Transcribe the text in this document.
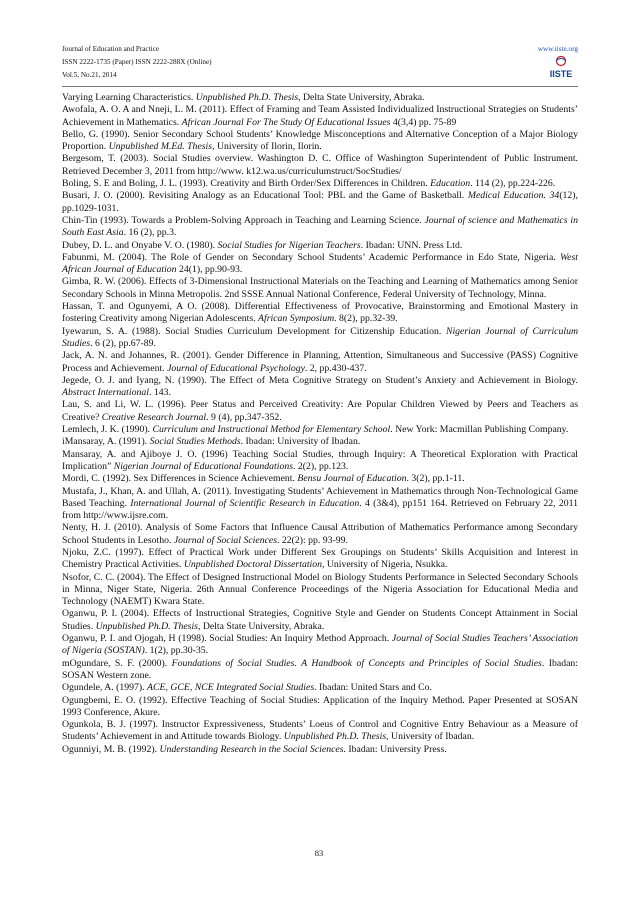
Journal of Education and Practice	www.iiste.org
ISSN 2222-1735 (Paper) ISSN 2222-288X (Online)
Vol.5, No.21, 2014	IISTE

Varying Learning Characteristics. Unpublished Ph.D. Thesis, Delta State University, Abraka.

Awofala, A. O. A and Nneji, L. M. (2011). Effect of Framing and Team Assisted Individualized Instructional Strategies on Students’ Achievement in Mathematics. African Journal For The Study Of Educational Issues 4(3,4) pp. 75-89

Bello, G. (1990). Senior Secondary School Students’ Knowledge Misconceptions and Alternative Conception of a Major Biology Proportion. Unpublished M.Ed. Thesis, University of Ilorin, Ilorin.

Bergesom, T. (2003). Social Studies overview. Washington D. C. Office of Washington Superintendent of Public Instrument. Retrieved December 3, 2011 from http://www. k12.wa.us/curriculumstruct/SocStudies/

Boling, S. E and Boling, J. L. (1993). Creativity and Birth Order/Sex Differences in Children. Education. 114 (2), pp.224-226.

Busari, J. O. (2000). Revisiting Analogy as an Educational Tool: PBL and the Game of Basketball. Medical Education. 34(12), pp.1029-1031.

Chin-Tin (1993). Towards a Problem-Solving Approach in Teaching and Learning Science. Journal of science and Mathematics in South East Asia. 16 (2), pp.3.

Dubey, D. L. and Onyabe V. O. (1980). Social Studies for Nigerian Teachers. Ibadan: UNN. Press Ltd.

Fabunmi, M. (2004). The Role of Gender on Secondary School Students’ Academic Performance in Edo State, Nigeria. West African Journal of Education 24(1), pp.90-93.

Gimba, R. W. (2006). Effects of 3-Dimensional Instructional Materials on the Teaching and Learning of Mathematics among Senior Secondary Schools in Minna Metropolis. 2nd SSSE Annual National Conference, Federal University of Technology, Minna.

Hassan, T. and Ogunyemi, A O. (2008). Differential Effectiveness of Provocative, Brainstorming and Emotional Mastery in fostering Creativity among Nigerian Adolescents. African Symposium. 8(2), pp.32-39.

Iyewarun, S. A. (1988). Social Studies Curriculum Development for Citizenship Education. Nigerian Journal of Curriculum Studies. 6 (2), pp.67-89.

Jack, A. N. and Johannes, R. (2001). Gender Difference in Planning, Attention, Simultaneous and Successive (PASS) Cognitive Process and Achievement. Journal of Educational Psychology. 2, pp.430-437.

Jegede, O. J. and Iyang, N. (1990). The Effect of Meta Cognitive Strategy on Student’s Anxiety and Achievement in Biology. Abstract International. 143.

Lau, S. and Li, W. L. (1996). Peer Status and Perceived Creativity: Are Popular Children Viewed by Peers and Teachers as Creative? Creative Research Journal. 9 (4), pp.347-352.

Lemlech, J. K. (1990). Curriculum and Instructional Method for Elementary School. New York: Macmillan Publishing Company.

iMansaray, A. (1991). Social Studies Methods. Ibadan: University of Ibadan.

Mansaray, A. and Ajiboye J. O. (1996) Teaching Social Studies, through Inquiry: A Theoretical Exploration with Practical Implication” Nigerian Journal of Educational Foundations. 2(2), pp.123.

Mordi, C. (1992). Sex Differences in Science Achievement. Bensu Journal of Education. 3(2), pp.1-11.

Mustafa, J., Khan, A. and Ullah, A. (2011). Investigating Students’ Achievement in Mathematics through Non-Technological Game Based Teaching. International Journal of Scientific Research in Education. 4 (3&4), pp151 164. Retrieved on February 22, 2011 from http://www.ijsre.com.

Nenty, H. J. (2010). Analysis of Some Factors that Influence Causal Attribution of Mathematics Performance among Secondary School Students in Lesotho. Journal of Social Sciences. 22(2): pp. 93-99.

Njoku, Z.C. (1997). Effect of Practical Work under Different Sex Groupings on Students’ Skills Acquisition and Interest in Chemistry Practical Activities. Unpublished Doctoral Dissertation, University of Nigeria, Nsukka.

Nsofor, C. C. (2004). The Effect of Designed Instructional Model on Biology Students Performance in Selected Secondary Schools in Minna, Niger State, Nigeria. 26th Annual Conference Proceedings of the Nigeria Association for Educational Media and Technology (NAEMT) Kwara State.

Oganwu, P. I. (2004). Effects of Instructional Strategies, Cognitive Style and Gender on Students Concept Attainment in Social Studies. Unpublished Ph.D. Thesis, Delta State University, Abraka.

Oganwu, P. I. and Ojogah, H (1998). Social Studies: An Inquiry Method Approach. Journal of Social Studies Teachers’ Association of Nigeria (SOSTAN). 1(2), pp.30-35.

mOgundare, S. F. (2000). Foundations of Social Studies. A Handbook of Concepts and Principles of Social Studies. Ibadan: SOSAN Western zone.

Ogundele, A. (1997). ACE, GCE, NCE Integrated Social Studies. Ibadan: United Stars and Co.

Ogungbemi, E. O. (1992). Effective Teaching of Social Studies: Application of the Inquiry Method. Paper Presented at SOSAN 1993 Conference, Akure.

Ogunkola, B. J. (1997). Instructor Expressiveness, Students’ Loeus of Control and Cognitive Entry Behaviour as a Measure of Students’ Achievement in and Attitude towards Biology. Unpublished Ph.D. Thesis, University of Ibadan.

Ogunniyi, M. B. (1992). Understanding Research in the Social Sciences. Ibadan: University Press.

83
